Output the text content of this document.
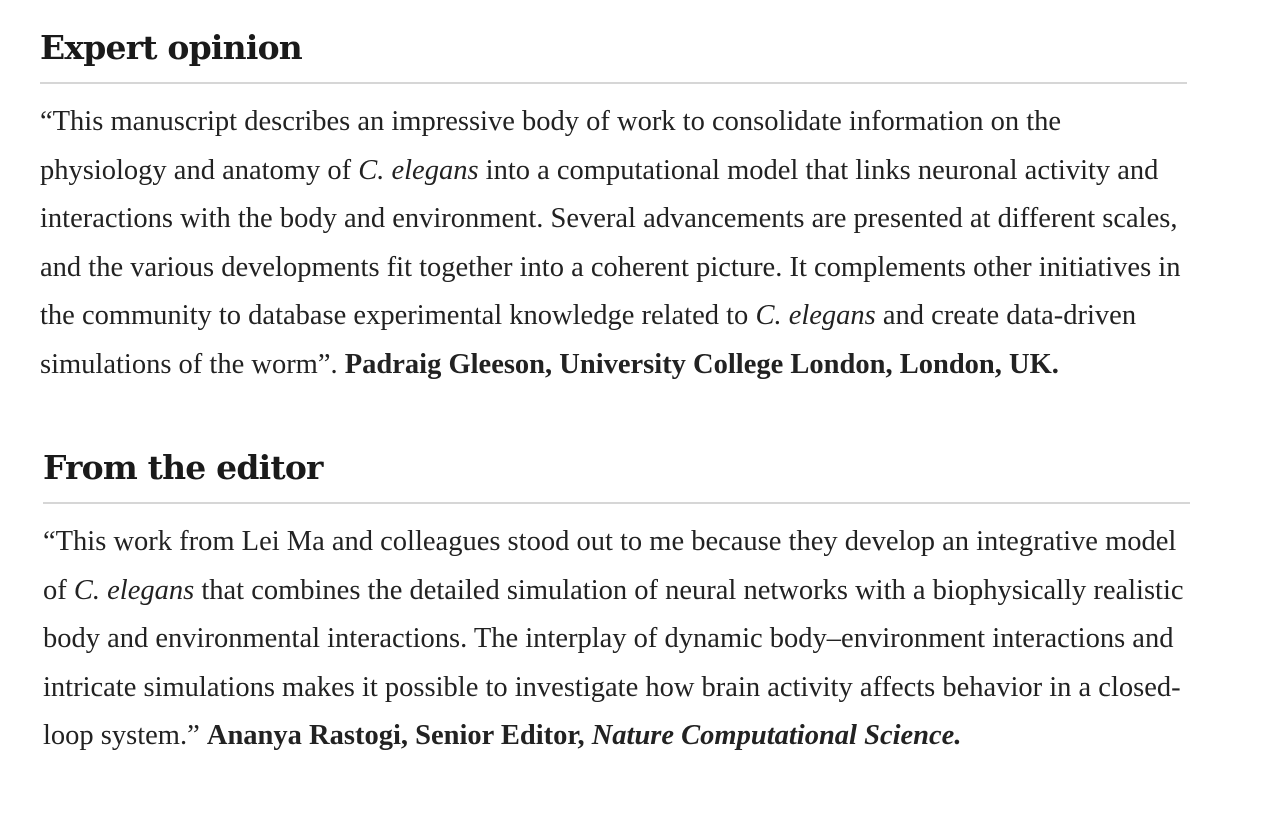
Expert opinion

“This manuscript describes an impressive body of work to consolidate information on the physiology and anatomy of C. elegans into a computational model that links neuronal activity and interactions with the body and environment. Several advancements are presented at different scales, and the various developments fit together into a coherent picture. It complements other initiatives in the community to database experimental knowledge related to C. elegans and create data-driven simulations of the worm”. Padraig Gleeson, University College London, London, UK.

From the editor

“This work from Lei Ma and colleagues stood out to me because they develop an integrative model of C. elegans that combines the detailed simulation of neural networks with a biophysically realistic body and environmental interactions. The interplay of dynamic body–environment interactions and intricate simulations makes it possible to investigate how brain activity affects behavior in a closed-loop system.” Ananya Rastogi, Senior Editor, Nature Computational Science.
